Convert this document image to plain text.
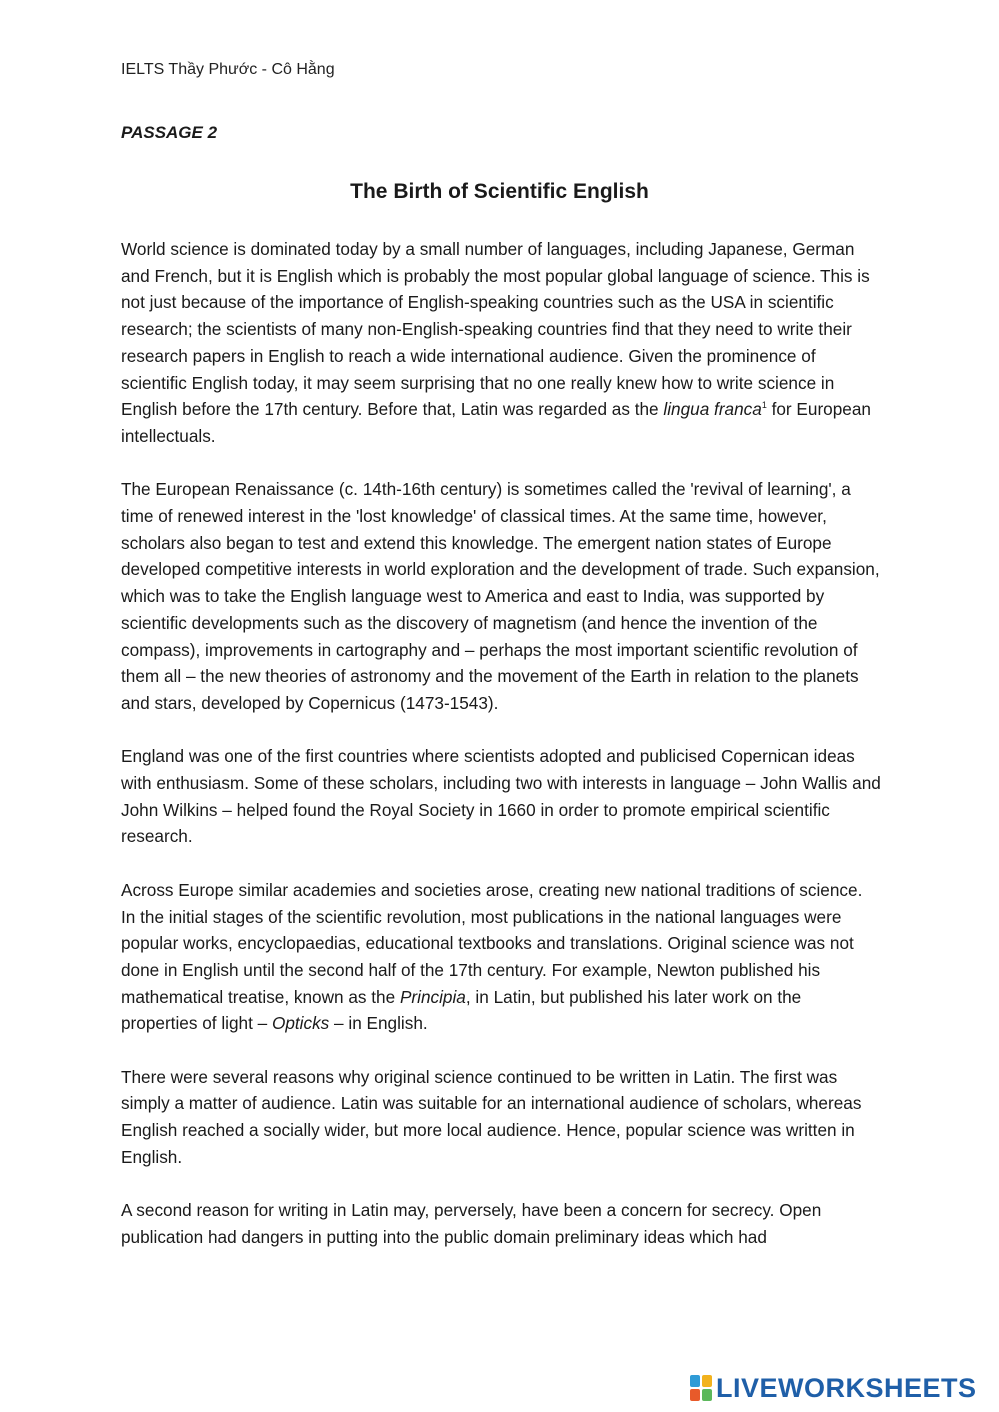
IELTS Thầy Phước - Cô Hằng
PASSAGE 2
The Birth of Scientific English

World science is dominated today by a small number of languages, including Japanese, German and French, but it is English which is probably the most popular global language of science. This is not just because of the importance of English-speaking countries such as the USA in scientific research; the scientists of many non-English-speaking countries find that they need to write their research papers in English to reach a wide international audience. Given the prominence of scientific English today, it may seem surprising that no one really knew how to write science in English before the 17th century. Before that, Latin was regarded as the lingua franca$^1$ for European intellectuals.

The European Renaissance (c. 14th-16th century) is sometimes called the 'revival of learning', a time of renewed interest in the 'lost knowledge' of classical times. At the same time, however, scholars also began to test and extend this knowledge. The emergent nation states of Europe developed competitive interests in world exploration and the development of trade. Such expansion, which was to take the English language west to America and east to India, was supported by scientific developments such as the discovery of magnetism (and hence the invention of the compass), improvements in cartography and – perhaps the most important scientific revolution of them all – the new theories of astronomy and the movement of the Earth in relation to the planets and stars, developed by Copernicus (1473-1543).

England was one of the first countries where scientists adopted and publicised Copernican ideas with enthusiasm. Some of these scholars, including two with interests in language – John Wallis and John Wilkins – helped found the Royal Society in 1660 in order to promote empirical scientific research.

Across Europe similar academies and societies arose, creating new national traditions of science. In the initial stages of the scientific revolution, most publications in the national languages were popular works, encyclopaedias, educational textbooks and translations. Original science was not done in English until the second half of the 17th century. For example, Newton published his mathematical treatise, known as the Principia, in Latin, but published his later work on the properties of light – Opticks – in English.

There were several reasons why original science continued to be written in Latin. The first was simply a matter of audience. Latin was suitable for an international audience of scholars, whereas English reached a socially wider, but more local audience. Hence, popular science was written in English.

A second reason for writing in Latin may, perversely, have been a concern for secrecy. Open publication had dangers in putting into the public domain preliminary ideas which had

LIVEWORKSHEETS
